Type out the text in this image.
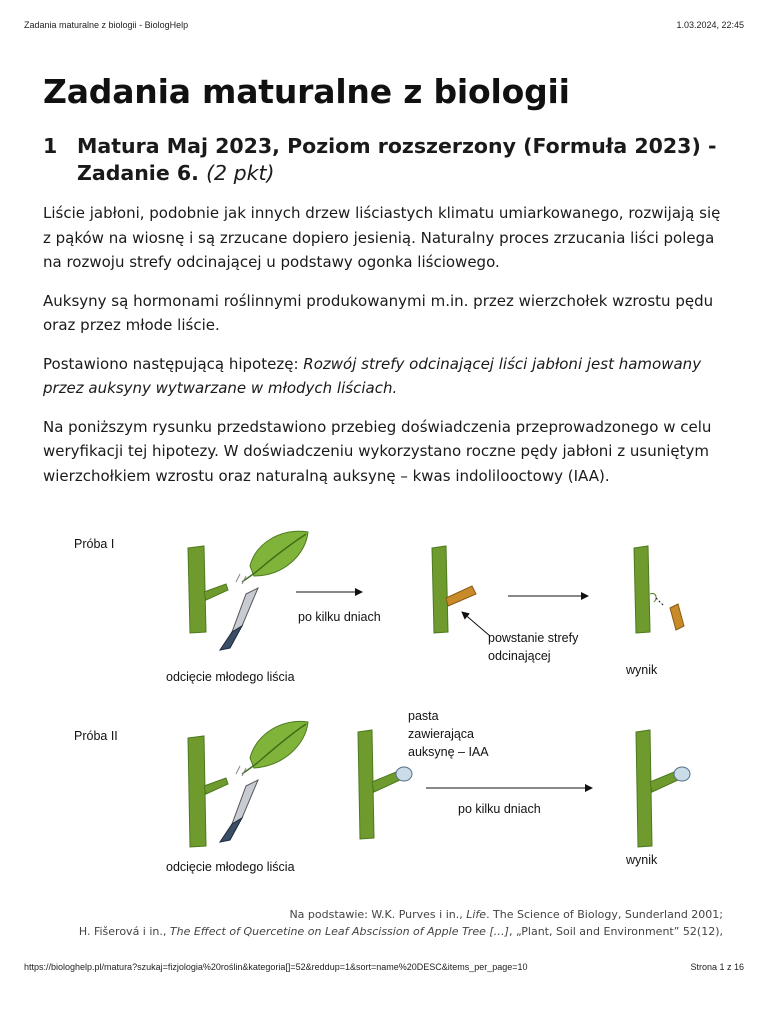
Zadania maturalne z biologii - BiologHelp	1.03.2024, 22:45
Zadania maturalne z biologii
1 Matura Maj 2023, Poziom rozszerzony (Formuła 2023) - Zadanie 6. (2 pkt)

Liście jabłoni, podobnie jak innych drzew liściastych klimatu umiarkowanego, rozwijają się z pąków na wiosnę i są zrzucane dopiero jesienią. Naturalny proces zrzucania liści polega na rozwoju strefy odcinającej u podstawy ogonka liściowego.

Auksyny są hormonami roślinnymi produkowanymi m.in. przez wierzchołek wzrostu pędu oraz przez młode liście.

Postawiono następującą hipotezę: Rozwój strefy odcinającej liści jabłoni jest hamowany przez auksyny wytwarzane w młodych liściach.

Na poniższym rysunku przedstawiono przebieg doświadczenia przeprowadzonego w celu weryfikacji tej hipotezy. W doświadczeniu wykorzystano roczne pędy jabłoni z usuniętym wierzchołkiem wzrostu oraz naturalną auksynę – kwas indolilooctowy (IAA).

Próba I
odcięcie młodego liścia
po kilku dniach
powstanie strefy
odcinającej
wynik
Próba II
odcięcie młodego liścia
pasta
zawierająca
auksynę – IAA
po kilku dniach
wynik
Na podstawie: W.K. Purves i in., Life. The Science of Biology, Sunderland 2001;
H. Fišerová i in., The Effect of Quercetine on Leaf Abscission of Apple Tree […], „Plant, Soil and Environment” 52(12),
https://biologhelp.pl/matura?szukaj=fizjologia%20roślin&kategoria[]=52&reddup=1&sort=name%20DESC&items_per_page=10	Strona 1 z 16
